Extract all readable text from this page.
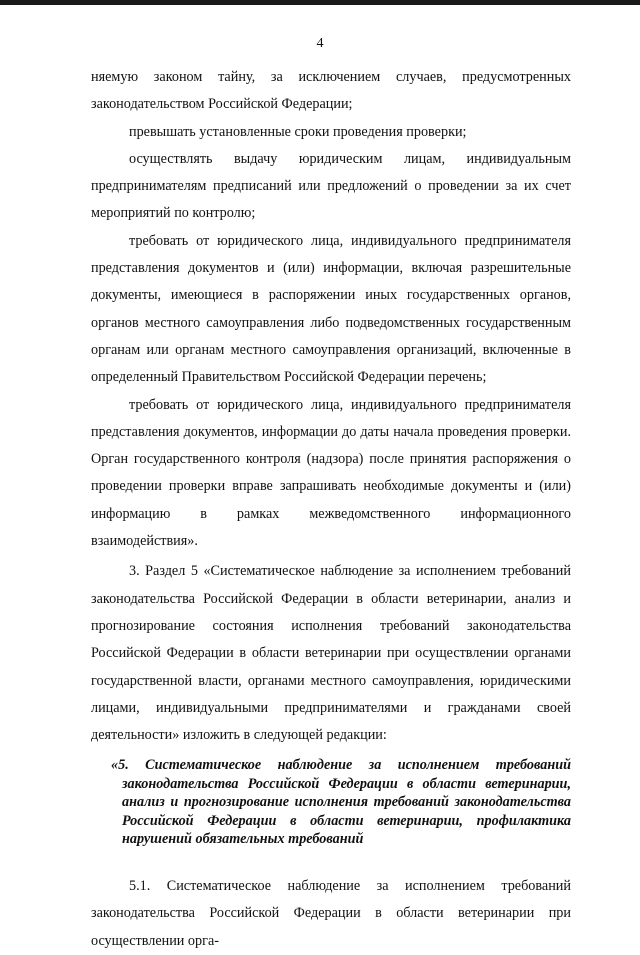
4

няемую законом тайну, за исключением случаев, предусмотренных законодательством Российской Федерации;

превышать установленные сроки проведения проверки;

осуществлять выдачу юридическим лицам, индивидуальным предпринимателям предписаний или предложений о проведении за их счет мероприятий по контролю;

требовать от юридического лица, индивидуального предпринимателя представления документов и (или) информации, включая разрешительные документы, имеющиеся в распоряжении иных государственных органов, органов местного самоуправления либо подведомственных государственным органам или органам местного самоуправления организаций, включенные в определенный Правительством Российской Федерации перечень;

требовать от юридического лица, индивидуального предпринимателя представления документов, информации до даты начала проведения проверки. Орган государственного контроля (надзора) после принятия распоряжения о проведении проверки вправе запрашивать необходимые документы и (или) информацию в рамках межведомственного информационного взаимодействия».

3. Раздел 5 «Систематическое наблюдение за исполнением требований законодательства Российской Федерации в области ветеринарии, анализ и прогнозирование состояния исполнения требований законодательства Российской Федерации в области ветеринарии при осуществлении органами государственной власти, органами местного самоуправления, юридическими лицами, индивидуальными предпринимателями и гражданами своей деятельности» изложить в следующей редакции:

«5. Систематическое наблюдение за исполнением требований законодательства Российской Федерации в области ветеринарии, анализ и прогнозирование исполнения требований законодательства Российской Федерации в области ветеринарии, профилактика нарушений обязательных требований

5.1. Систематическое наблюдение за исполнением требований законодательства Российской Федерации в области ветеринарии при осуществлении орга-
